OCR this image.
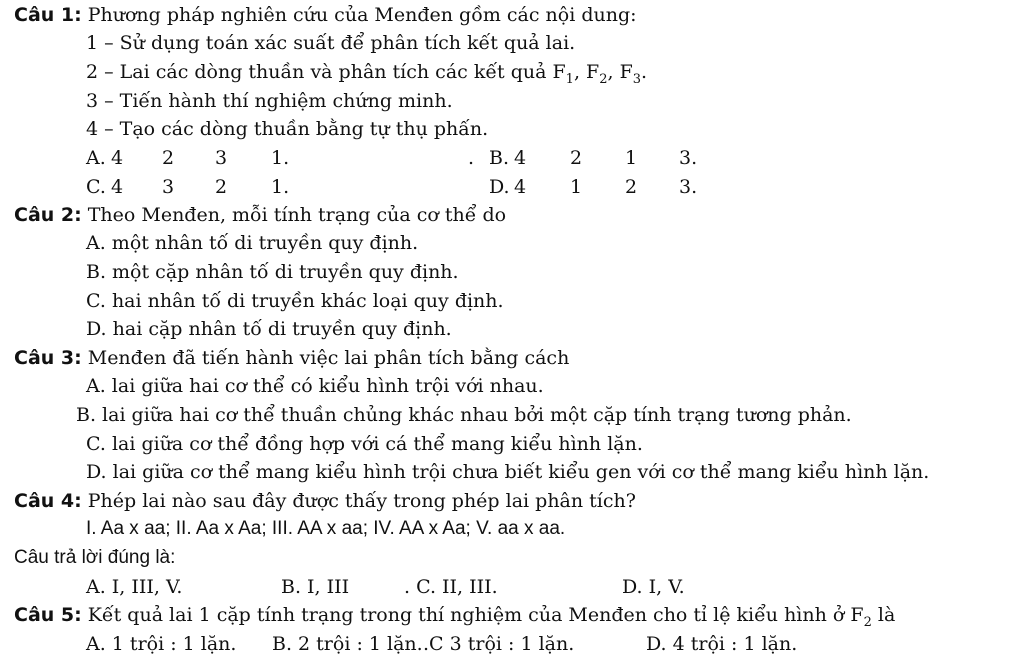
Câu 1: Phương pháp nghiên cứu của Menđen gồm các nội dung:
1 – Sử dụng toán xác suất để phân tích kết quả lai.
2 – Lai các dòng thuần và phân tích các kết quả $F_1$, $F_2$, $F_3$.
3 – Tiến hành thí nghiệm chứng minh.
4 – Tạo các dòng thuần bằng tự thụ phấn.
A. 4 2 3 1.	. B. 4 2 1 3.
C. 4 3 2 1.	D. 4 1 2 3.
Câu 2: Theo Menđen, mỗi tính trạng của cơ thể do
A. một nhân tố di truyền quy định.
B. một cặp nhân tố di truyền quy định.
C. hai nhân tố di truyền khác loại quy định.
D. hai cặp nhân tố di truyền quy định.
Câu 3: Menđen đã tiến hành việc lai phân tích bằng cách
A. lai giữa hai cơ thể có kiểu hình trội với nhau.
B. lai giữa hai cơ thể thuần chủng khác nhau bởi một cặp tính trạng tương phản.
C. lai giữa cơ thể đồng hợp với cá thể mang kiểu hình lặn.
D. lai giữa cơ thể mang kiểu hình trội chưa biết kiểu gen với cơ thể mang kiểu hình lặn.
Câu 4: Phép lai nào sau đây được thấy trong phép lai phân tích?
I. Aa x aa; II. Aa x Aa; III. AA x aa; IV. AA x Aa; V. aa x aa.
Câu trả lời đúng là:
A. I, III, V.	B. I, III	. C. II, III.	D. I, V.
Câu 5: Kết quả lai 1 cặp tính trạng trong thí nghiệm của Menđen cho tỉ lệ kiểu hình ở $F_2$ là
A. 1 trội : 1 lặn. B. 2 trội : 1 lặn. .C 3 trội : 1 lặn.	D. 4 trội : 1 lặn.
